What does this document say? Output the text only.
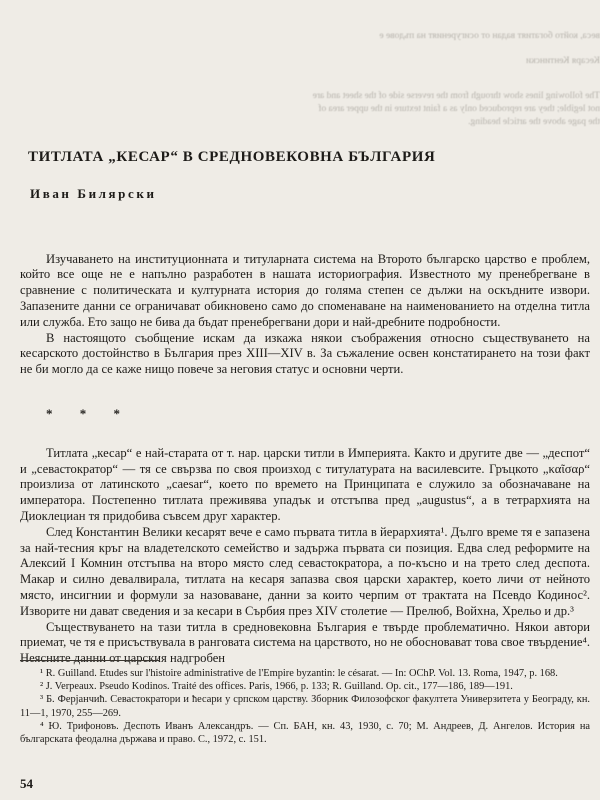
веса, който богатият вадан от осигуреният на пъдове е
Кесаря Кентински
The following lines show through from the reverse side of the sheet and are
not legible; they are reproduced only as a faint texture in the upper area of
the page above the article heading.
ТИТЛАТА „КЕСАР“ В СРЕДНОВЕКОВНА БЪЛГАРИЯ
Иван Билярски

Изучаването на институционната и титуларната система на Второто българско царство е проблем, който все още не е напълно разработен в нашата историография. Известното му пренебрегване в сравнение с политическата и културната история до голяма степен се дължи на оскъдните извори. Запазените данни се ограничават обикновено само до споменаване на наименованието на отделна титла или служба. Ето защо не бива да бъдат пренебрегвани дори и най-дребните подробности.

В настоящото съобщение искам да изкажа някои съображения относно съществуването на кесарското достойнство в България през XIII—XIV в. За съжаление освен констатирането на този факт не би могло да се каже нищо повече за неговия статус и основни черти.

* * *

Титлата „кесар“ е най-старата от т. нар. царски титли в Империята. Както и другите две — „деспот“ и „севастократор“ — тя се свързва по своя произход с титулатурата на василевсите. Гръцкото „καῖσαρ“ произлиза от латинското „caesar“, което по времето на Принципата е служило за обозначаване на императора. Постепенно титлата преживява упадък и отстъпва пред „augustus“, а в тетрархията на Диоклециан тя придобива съвсем друг характер.

След Константин Велики кесарят вече е само първата титла в йерархията¹. Дълго време тя е запазена за най-тесния кръг на владетелското семейство и задържа първата си позиция. Едва след реформите на Алексий I Комнин отстъпва на второ място след севастократора, а по-късно и на трето след деспота. Макар и силно девалвирала, титлата на кесаря запазва своя царски характер, което личи от нейното място, инсигнии и формули за назоваване, данни за които черпим от трактата на Псевдо Кодинос². Изворите ни дават сведения и за кесари в Сърбия през XIV столетие — Прелюб, Войхна, Хрельо и др.³

Съществуването на тази титла в средновековна България е твърде проблематично. Някои автори приемат, че тя е присъствувала в ранговата система на царството, но не обосновават това свое твърдение⁴. Неясните данни от царския надгробен

¹ R. Guilland. Etudes sur l'histoire administrative de l'Empire byzantin: le césarat. — In: OChP. Vol. 13. Roma, 1947, p. 168.
² J. Verpeaux. Pseudo Kodinos. Traité des offices. Paris, 1966, p. 133; R. Guilland. Op. cit., 177—186, 189—191.
³ Б. Ферјанчиħ. Севастократори и ħесари у српском царству. Зборник Филозофског факултета Универзитета у Београду, кн. 11—1, 1970, 255—269.
⁴ Ю. Трифоновъ. Деспоть Иванъ Александръ. — Сп. БАН, кн. 43, 1930, с. 70; М. Андреев, Д. Ангелов. История на българската феодална държава и право. С., 1972, с. 151.
54
